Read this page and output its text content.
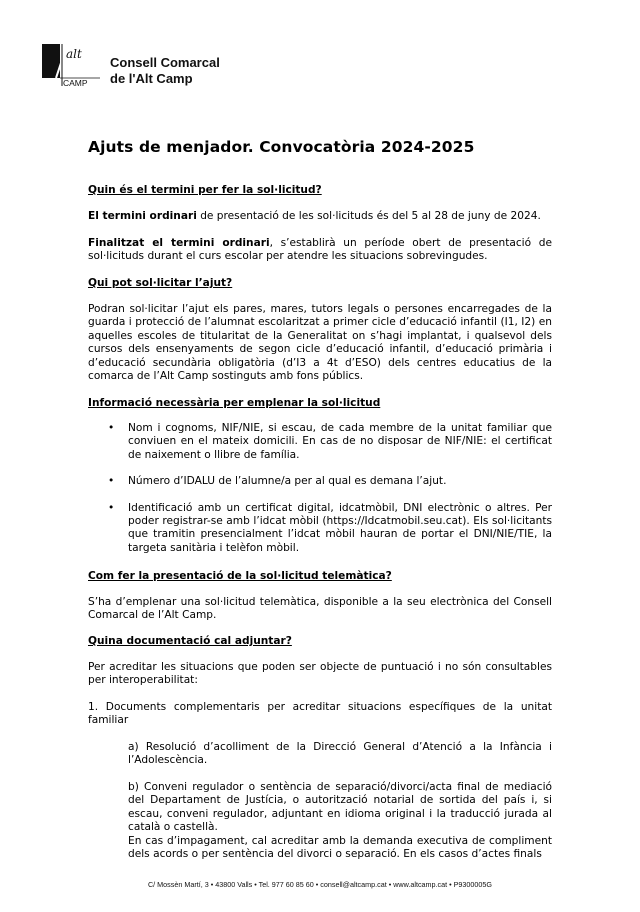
alt
CAMP
Consell Comarcal
de l'Alt Camp
Ajuts de menjador. Convocatòria 2024-2025
Quin és el termini per fer la sol·licitud?
El termini ordinari de presentació de les sol·licituds és del 5 al 28 de juny de 2024.
Finalitzat el termini ordinari, s’establirà un període obert de presentació de sol·licituds durant el curs escolar per atendre les situacions sobrevingudes.
Qui pot sol·licitar l’ajut?
Podran sol·licitar l’ajut els pares, mares, tutors legals o persones encarregades de la guarda i protecció de l’alumnat escolaritzat a primer cicle d’educació infantil (I1, I2) en aquelles escoles de titularitat de la Generalitat on s’hagi implantat, i qualsevol dels cursos dels ensenyaments de segon cicle d’educació infantil, d’educació primària i d’educació secundària obligatòria (d’I3 a 4t d’ESO) dels centres educatius de la comarca de l’Alt Camp sostinguts amb fons públics.
Informació necessària per emplenar la sol·licitud
• Nom i cognoms, NIF/NIE, si escau, de cada membre de la unitat familiar que conviuen en el mateix domicili. En cas de no disposar de NIF/NIE: el certificat de naixement o llibre de família.
• Número d’IDALU de l’alumne/a per al qual es demana l’ajut.
• Identificació amb un certificat digital, idcatmòbil, DNI electrònic o altres. Per poder registrar-se amb l’idcat mòbil (https://Idcatmobil.seu.cat). Els sol·licitants que tramitin presencialment l’idcat mòbil hauran de portar el DNI/NIE/TIE, la targeta sanitària i telèfon mòbil.
Com fer la presentació de la sol·licitud telemàtica?
S’ha d’emplenar una sol·licitud telemàtica, disponible a la seu electrònica del Consell Comarcal de l’Alt Camp.
Quina documentació cal adjuntar?
Per acreditar les situacions que poden ser objecte de puntuació i no són consultables per interoperabilitat:
1. Documents complementaris per acreditar situacions específiques de la unitat familiar
a) Resolució d’acolliment de la Direcció General d’Atenció a la Infància i l’Adolescència.
b) Conveni regulador o sentència de separació/divorci/acta final de mediació del Departament de Justícia, o autorització notarial de sortida del país i, si escau, conveni regulador, adjuntant en idioma original i la traducció jurada al català o castellà.
En cas d’impagament, cal acreditar amb la demanda executiva de compliment dels acords o per sentència del divorci o separació. En els casos d’actes finals
C/ Mossèn Martí, 3 • 43800 Valls • Tel. 977 60 85 60 • consell@altcamp.cat • www.altcamp.cat • P9300005G
